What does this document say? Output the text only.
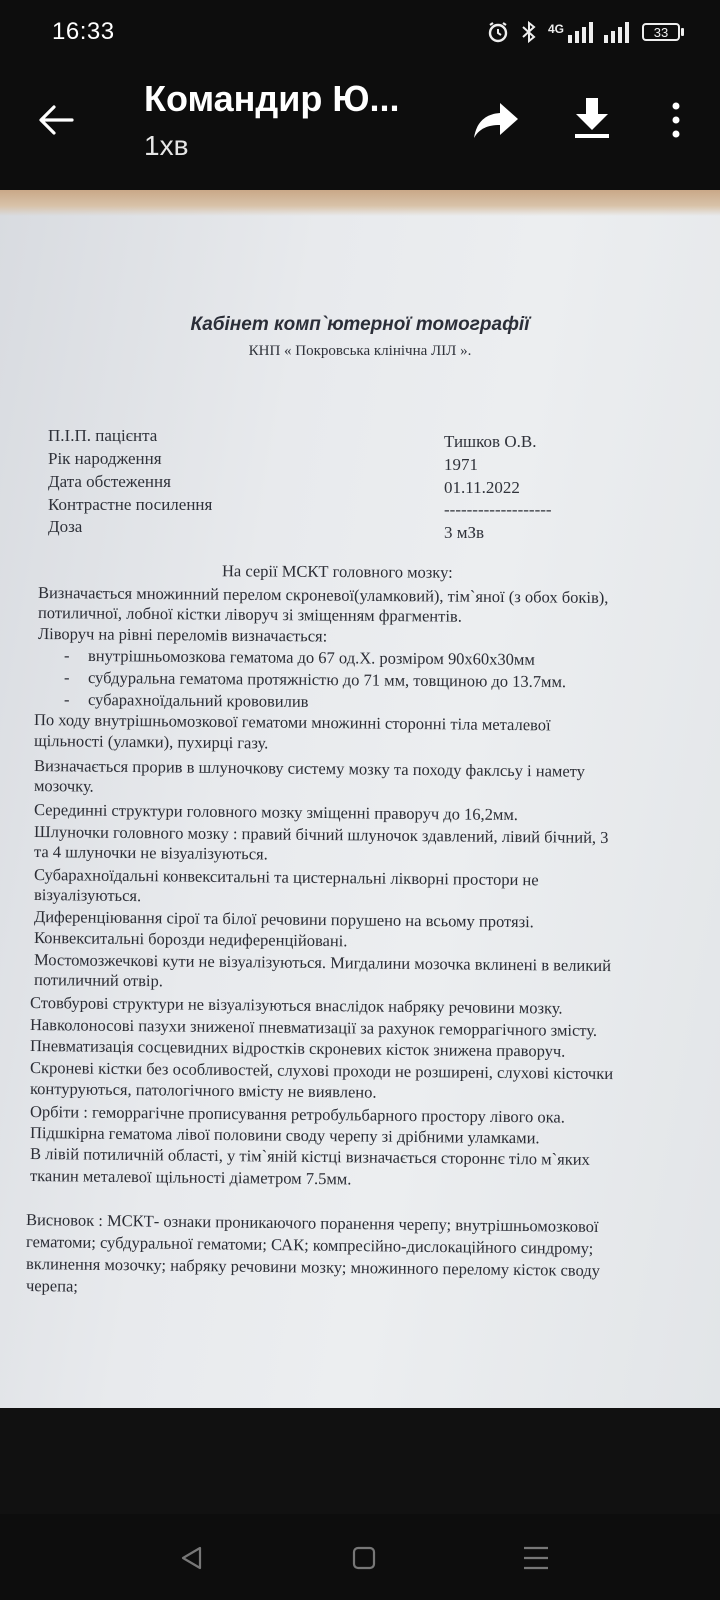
16:33	4G	33
Командир Ю...
1хв
Кабінет комп`ютерної томографії
КНП « Покровська клінічна ЛІЛ ».
П.І.П. пацієнта	Тишков О.В.
Рік народження	1971
Дата обстеження	01.11.2022
Контрастне посилення	-------------------
Доза	3 мЗв
На серії МСКТ головного мозку:
Визначається множинний перелом скроневої(уламковий), тім`яної (з обох боків),
потиличної, лобної кістки ліворуч зі зміщенням фрагментів.
Ліворуч на рівні переломів визначається:
- внутрішньомозкова гематома до 67 од.Х. розміром 90х60х30мм
- субдуральна гематома протяжністю до 71 мм, товщиною до 13.7мм.
- субарахноїдальний крововилив
По ходу внутрішньомозкової гематоми множинні сторонні тіла металевої
щільності (уламки), пухирці газу.
Визначається прорив в шлуночкову систему мозку та походу факлсьу і намету
мозочку.
Серединні структури головного мозку зміщенні праворуч до 16,2мм.
Шлуночки головного мозку : правий бічний шлуночок здавлений, лівий бічний, 3
та 4 шлуночки не візуалізуються.
Субарахноїдальні конвекситальні та цистернальні лікворні простори не
візуалізуються.
Диференціювання сірої та білої речовини порушено на всьому протязі.
Конвекситальні борозди недиференційовані.
Мостомозжечкові кути не візуалізуються. Мигдалини мозочка вклинені в великий
потиличний отвір.
Стовбурові структури не візуалізуються внаслідок набряку речовини мозку.
Навколоносові пазухи зниженої пневматизації за рахунок геморрагічного змісту.
Пневматизація сосцевидних відростків скроневих кісток знижена праворуч.
Скроневі кістки без особливостей, слухові проходи не розширені, слухові кісточки
контуруються, патологічного вмісту не виявлено.
Орбіти : геморрагічне прописування ретробульбарного простору лівого ока.
Підшкірна гематома лівої половини своду черепу зі дрібними уламками.
В лівій потиличній області, у тім`яній кістці визначається стороннє тіло м`яких
тканин металевої щільності діаметром 7.5мм.
Висновок : МСКТ- ознаки проникаючого поранення черепу; внутрішньомозкової
гематоми; субдуральної гематоми; САК; компресійно-дислокаційного синдрому;
вклинення мозочку; набряку речовини мозку; множинного перелому кісток своду
черепа;
